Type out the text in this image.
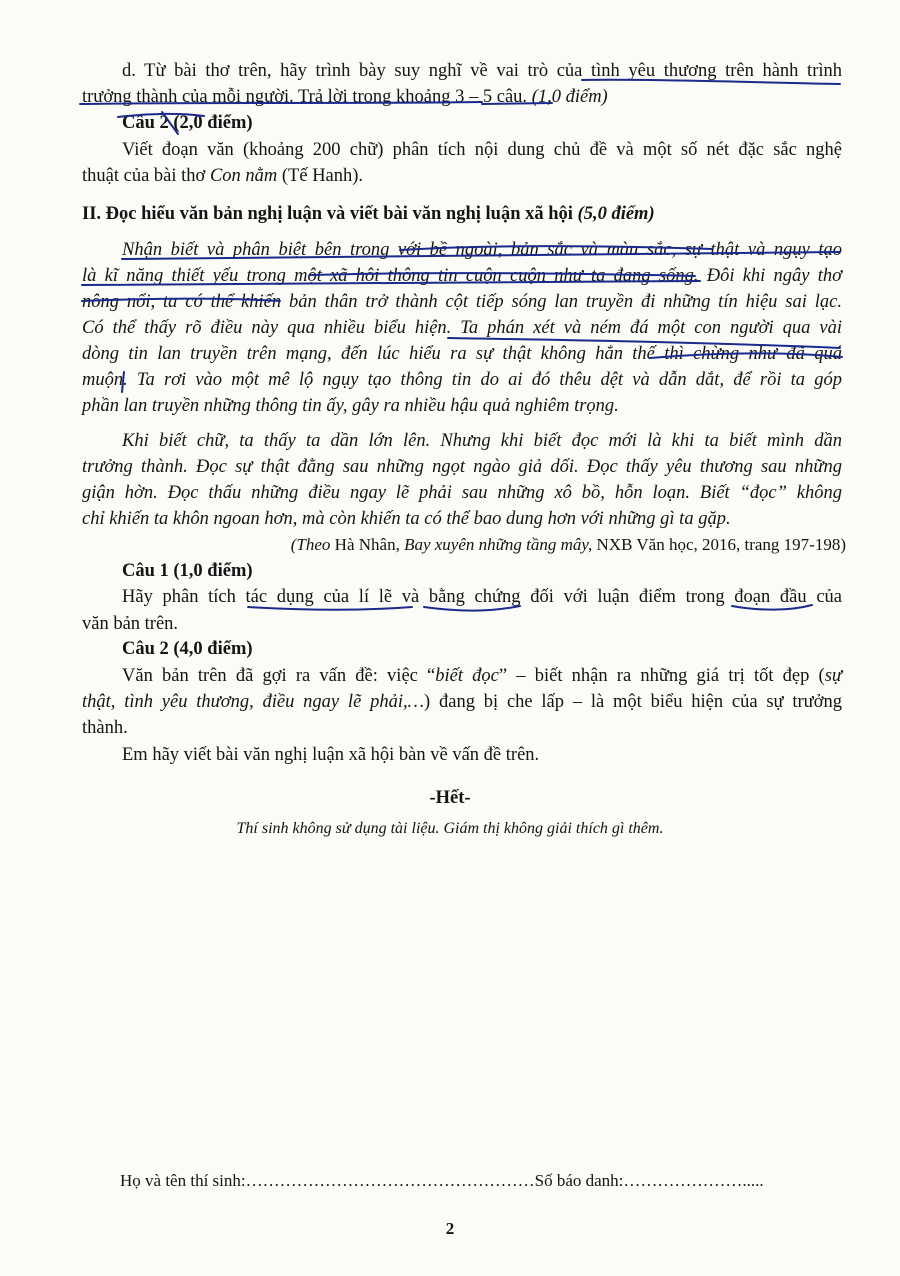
d. Từ bài thơ trên, hãy trình bày suy nghĩ về vai trò của tình yêu thương trên hành trình
trưởng thành của mỗi người. Trả lời trong khoảng 3 – 5 câu. (1,0 điểm)
Câu 2 (2,0 điểm)
Viết đoạn văn (khoảng 200 chữ) phân tích nội dung chủ đề và một số nét đặc sắc nghệ
thuật của bài thơ Con nằm (Tế Hanh).
II. Đọc hiểu văn bản nghị luận và viết bài văn nghị luận xã hội (5,0 điểm)
Nhận biết và phân biệt bên trong với bề ngoài, bản sắc và màu sắc, sự thật và ngụy tạo
là kĩ năng thiết yếu trong một xã hội thông tin cuộn cuộn như ta đang sống. Đôi khi ngây thơ
nông nổi, ta có thể khiến bản thân trở thành cột tiếp sóng lan truyền đi những tín hiệu sai lạc.
Có thể thấy rõ điều này qua nhiều biểu hiện. Ta phán xét và ném đá một con người qua vài
dòng tin lan truyền trên mạng, đến lúc hiểu ra sự thật không hẳn thế thì chừng như đã quá
muộn. Ta rơi vào một mê lộ ngụy tạo thông tin do ai đó thêu dệt và dẫn dắt, để rồi ta góp
phần lan truyền những thông tin ấy, gây ra nhiều hậu quả nghiêm trọng.
Khi biết chữ, ta thấy ta dần lớn lên. Nhưng khi biết đọc mới là khi ta biết mình dần
trưởng thành. Đọc sự thật đằng sau những ngọt ngào giả dối. Đọc thấy yêu thương sau những
giận hờn. Đọc thấu những điều ngay lẽ phải sau những xô bồ, hỗn loạn. Biết “đọc” không
chỉ khiến ta khôn ngoan hơn, mà còn khiến ta có thể bao dung hơn với những gì ta gặp.
(Theo Hà Nhân, Bay xuyên những tầng mây, NXB Văn học, 2016, trang 197-198)
Câu 1 (1,0 điểm)
Hãy phân tích tác dụng của lí lẽ và bằng chứng đối với luận điểm trong đoạn đầu của
văn bản trên.
Câu 2 (4,0 điểm)
Văn bản trên đã gợi ra vấn đề: việc “biết đọc” – biết nhận ra những giá trị tốt đẹp (sự
thật, tình yêu thương, điều ngay lẽ phải,…) đang bị che lấp – là một biểu hiện của sự trưởng
thành.
Em hãy viết bài văn nghị luận xã hội bàn về vấn đề trên.
-Hết-
Thí sinh không sử dụng tài liệu. Giám thị không giải thích gì thêm.
Họ và tên thí sinh:……………………………………………Số báo danh:………………….....
2
